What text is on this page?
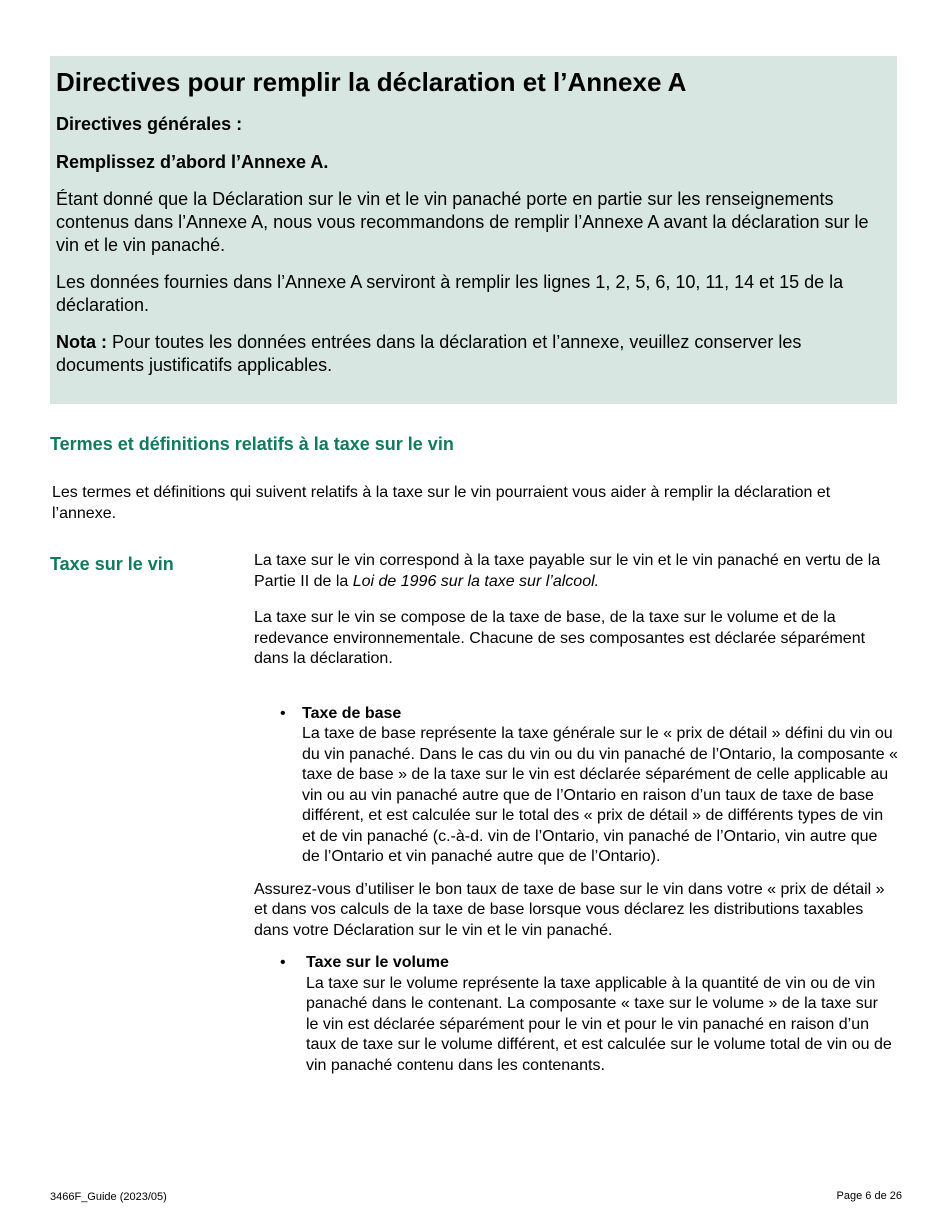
Directives pour remplir la déclaration et l’Annexe A
Directives générales :
Remplissez d’abord l’Annexe A.

Étant donné que la Déclaration sur le vin et le vin panaché porte en partie sur les renseignements contenus dans l’Annexe A, nous vous recommandons de remplir l’Annexe A avant la déclaration sur le vin et le vin panaché.

Les données fournies dans l’Annexe A serviront à remplir les lignes 1, 2, 5, 6, 10, 11, 14 et 15 de la déclaration.

Nota : Pour toutes les données entrées dans la déclaration et l’annexe, veuillez conserver les documents justificatifs applicables.

Termes et définitions relatifs à la taxe sur le vin
Les termes et définitions qui suivent relatifs à la taxe sur le vin pourraient vous aider à remplir la déclaration et l’annexe.
Taxe sur le vin	La taxe sur le vin correspond à la taxe payable sur le vin et le vin panaché en vertu de la Partie II de la Loi de 1996 sur la taxe sur l’alcool.

La taxe sur le vin se compose de la taxe de base, de la taxe sur le volume et de la redevance environnementale. Chacune de ses composantes est déclarée séparément dans la déclaration.

• Taxe de base
La taxe de base représente la taxe générale sur le « prix de détail » défini du vin ou du vin panaché. Dans le cas du vin ou du vin panaché de l’Ontario, la composante « taxe de base » de la taxe sur le vin est déclarée séparément de celle applicable au vin ou au vin panaché autre que de l’Ontario en raison d’un taux de taxe de base différent, et est calculée sur le total des « prix de détail » de différents types de vin et de vin panaché (c.-à-d. vin de l’Ontario, vin panaché de l’Ontario, vin autre que de l’Ontario et vin panaché autre que de l’Ontario).

Assurez-vous d’utiliser le bon taux de taxe de base sur le vin dans votre « prix de détail » et dans vos calculs de la taxe de base lorsque vous déclarez les distributions taxables dans votre Déclaration sur le vin et le vin panaché.

• Taxe sur le volume
La taxe sur le volume représente la taxe applicable à la quantité de vin ou de vin panaché dans le contenant. La composante « taxe sur le volume » de la taxe sur le vin est déclarée séparément pour le vin et pour le vin panaché en raison d’un taux de taxe sur le volume différent, et est calculée sur le volume total de vin ou de vin panaché contenu dans les contenants.
3466F_Guide (2023/05)	Page 6 de 26
